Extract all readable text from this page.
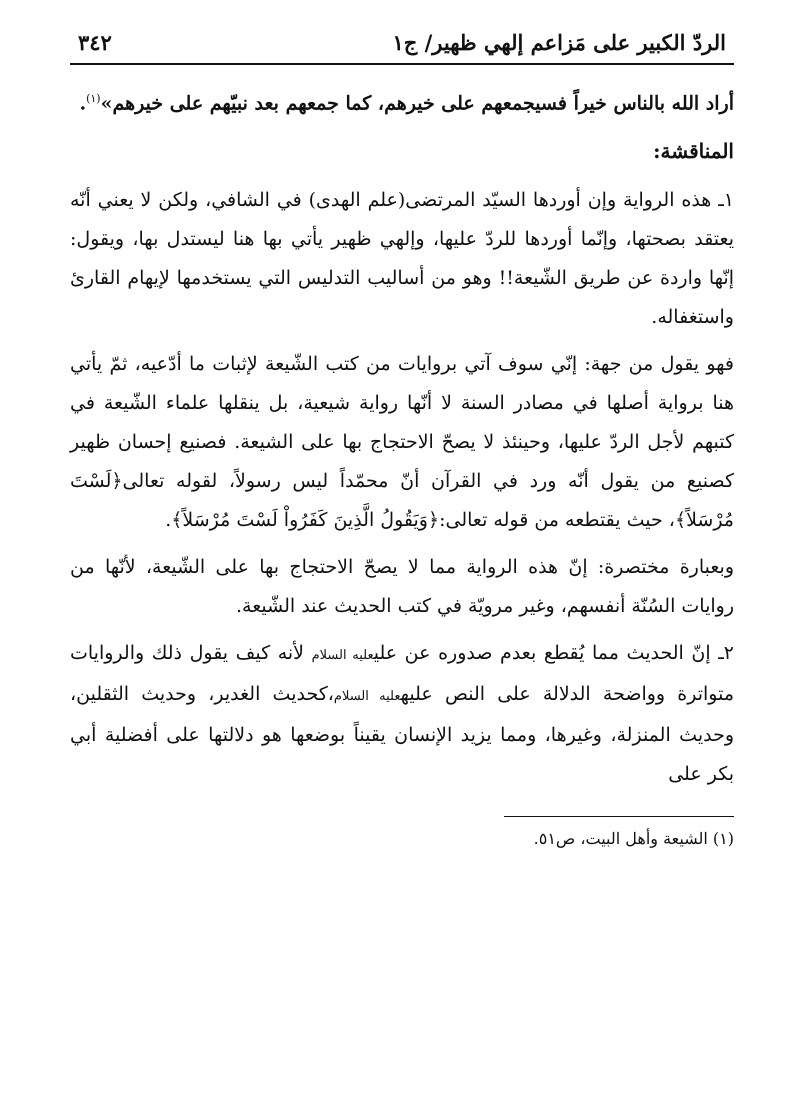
الردّ الكبير على مَزاعم إلهي ظهير/ ج١
٣٤٢

أراد الله بالناس خيراً فسيجمعهم على خيرهم، كما جمعهم بعد نبيّهم على خيرهم»$^{(١)}$.

المناقشة:

١ـ هذه الرواية وإن أوردها السيّد المرتضى(علم الهدى) في الشافي، ولكن لا يعني أنّه يعتقد بصحتها، وإنّما أوردها للردّ عليها، وإلهي ظهير يأتي بها هنا ليستدل بها، ويقول: إنّها واردة عن طريق الشّيعة!! وهو من أساليب التدليس التي يستخدمها لإيهام القارئ واستغفاله.

فهو يقول من جهة: إنّي سوف آتي بروايات من كتب الشّيعة لإثبات ما أدّعيه، ثمّ يأتي هنا برواية أصلها في مصادر السنة لا أنّها رواية شيعية، بل ينقلها علماء الشّيعة في كتبهم لأجل الردّ عليها، وحينئذ لا يصحّ الاحتجاج بها على الشيعة. فصنيع إحسان ظهير كصنيع من يقول أنّه ورد في القرآن أنّ محمّداً ليس رسولاً، لقوله تعالى﴿لَسْتَ مُرْسَلاً﴾، حيث يقتطعه من قوله تعالى:﴿وَيَقُولُ الَّذِينَ كَفَرُواْ لَسْتَ مُرْسَلاً﴾.

وبعبارة مختصرة: إنّ هذه الرواية مما لا يصحّ الاحتجاج بها على الشّيعة، لأنّها من روايات السُنّة أنفسهم، وغير مرويّة في كتب الحديث عند الشّيعة.

٢ـ إنّ الحديث مما يُقطع بعدم صدوره عن عليعليه السلام لأنه كيف يقول ذلك والروايات متواترة وواضحة الدلالة على النص عليهعليه السلام،كحديث الغدير، وحديث الثقلين، وحديث المنزلة، وغيرها، ومما يزيد الإنسان يقيناً بوضعها هو دلالتها على أفضلية أبي بكر على

(١) الشيعة وأهل البيت، ص٥١.
